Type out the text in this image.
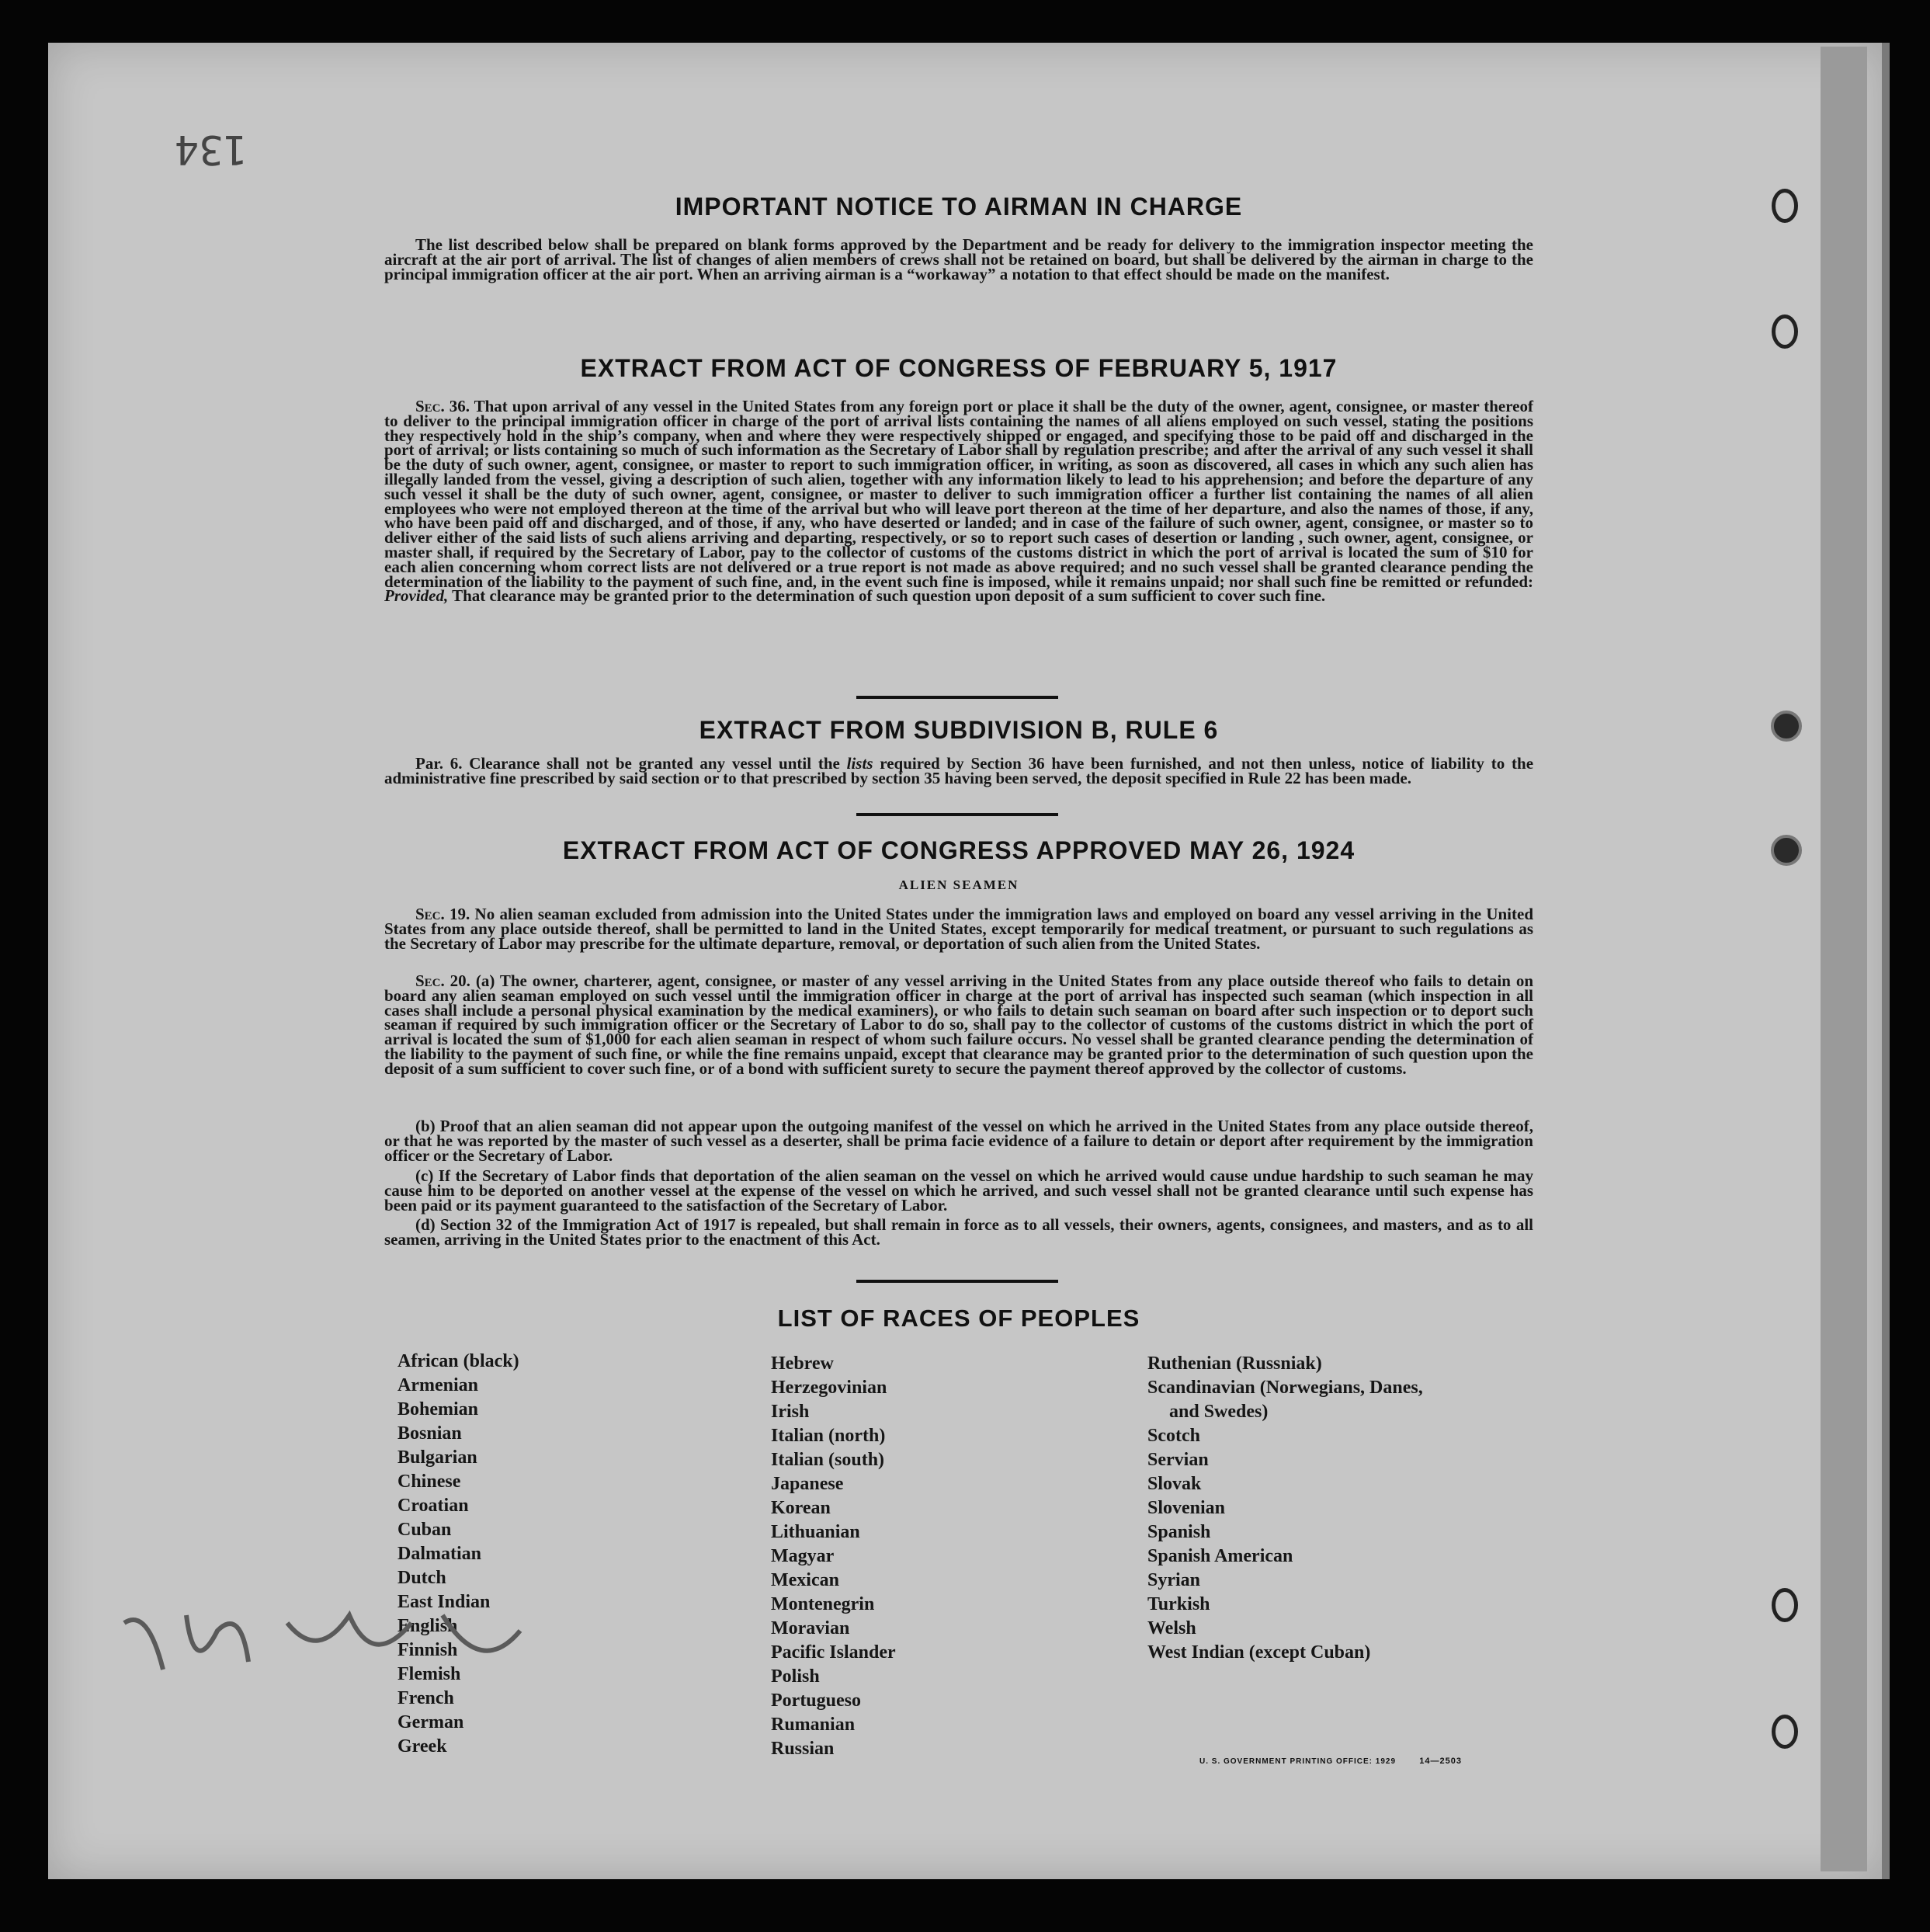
134
IMPORTANT NOTICE TO AIRMAN IN CHARGE

The list described below shall be prepared on blank forms approved by the Department and be ready for delivery to the immigration inspector meeting the aircraft at the air port of arrival. The list of changes of alien members of crews shall not be retained on board, but shall be delivered by the airman in charge to the principal immigration officer at the air port. When an arriving airman is a “workaway” a notation to that effect should be made on the manifest.

EXTRACT FROM ACT OF CONGRESS OF FEBRUARY 5, 1917

Sec. 36. That upon arrival of any vessel in the United States from any foreign port or place it shall be the duty of the owner, agent, consignee, or master thereof to deliver to the principal immigration officer in charge of the port of arrival lists containing the names of all aliens employed on such vessel, stating the positions they respectively hold in the ship’s company, when and where they were respectively shipped or engaged, and specifying those to be paid off and discharged in the port of arrival; or lists containing so much of such information as the Secretary of Labor shall by regulation prescribe; and after the arrival of any such vessel it shall be the duty of such owner, agent, consignee, or master to report to such immigration officer, in writing, as soon as discovered, all cases in which any such alien has illegally landed from the vessel, giving a description of such alien, together with any information likely to lead to his apprehension; and before the departure of any such vessel it shall be the duty of such owner, agent, consignee, or master to deliver to such immigration officer a further list containing the names of all alien employees who were not employed thereon at the time of the arrival but who will leave port thereon at the time of her departure, and also the names of those, if any, who have been paid off and discharged, and of those, if any, who have deserted or landed; and in case of the failure of such owner, agent, consignee, or master so to deliver either of the said lists of such aliens arriving and departing, respectively, or so to report such cases of desertion or landing , such owner, agent, consignee, or master shall, if required by the Secretary of Labor, pay to the collector of customs of the customs district in which the port of arrival is located the sum of $10 for each alien concerning whom correct lists are not delivered or a true report is not made as above required; and no such vessel shall be granted clearance pending the determination of the liability to the payment of such fine, and, in the event such fine is imposed, while it remains unpaid; nor shall such fine be remitted or refunded: Provided, That clearance may be granted prior to the determination of such question upon deposit of a sum sufficient to cover such fine.

EXTRACT FROM SUBDIVISION B, RULE 6

Par. 6. Clearance shall not be granted any vessel until the lists required by Section 36 have been furnished, and not then unless, notice of liability to the administrative fine prescribed by said section or to that prescribed by section 35 having been served, the deposit specified in Rule 22 has been made.

EXTRACT FROM ACT OF CONGRESS APPROVED MAY 26, 1924
ALIEN SEAMEN

Sec. 19. No alien seaman excluded from admission into the United States under the immigration laws and employed on board any vessel arriving in the United States from any place outside thereof, shall be permitted to land in the United States, except temporarily for medical treatment, or pursuant to such regulations as the Secretary of Labor may prescribe for the ultimate departure, removal, or deportation of such alien from the United States.

Sec. 20. (a) The owner, charterer, agent, consignee, or master of any vessel arriving in the United States from any place outside thereof who fails to detain on board any alien seaman employed on such vessel until the immigration officer in charge at the port of arrival has inspected such seaman (which inspection in all cases shall include a personal physical examination by the medical examiners), or who fails to detain such seaman on board after such inspection or to deport such seaman if required by such immigration officer or the Secretary of Labor to do so, shall pay to the collector of customs of the customs district in which the port of arrival is located the sum of $1,000 for each alien seaman in respect of whom such failure occurs. No vessel shall be granted clearance pending the determination of the liability to the payment of such fine, or while the fine remains unpaid, except that clearance may be granted prior to the determination of such question upon the deposit of a sum sufficient to cover such fine, or of a bond with sufficient surety to secure the payment thereof approved by the collector of customs.

(b) Proof that an alien seaman did not appear upon the outgoing manifest of the vessel on which he arrived in the United States from any place outside thereof, or that he was reported by the master of such vessel as a deserter, shall be prima facie evidence of a failure to detain or deport after requirement by the immigration officer or the Secretary of Labor.

(c) If the Secretary of Labor finds that deportation of the alien seaman on the vessel on which he arrived would cause undue hardship to such seaman he may cause him to be deported on another vessel at the expense of the vessel on which he arrived, and such vessel shall not be granted clearance until such expense has been paid or its payment guaranteed to the satisfaction of the Secretary of Labor.

(d) Section 32 of the Immigration Act of 1917 is repealed, but shall remain in force as to all vessels, their owners, agents, consignees, and masters, and as to all seamen, arriving in the United States prior to the enactment of this Act.

LIST OF RACES OF PEOPLES
African (black)
Armenian
Bohemian
Bosnian
Bulgarian
Chinese
Croatian
Cuban
Dalmatian
Dutch
East Indian
English
Finnish
Flemish
French
German
Greek
Hebrew
Herzegovinian
Irish
Italian (north)
Italian (south)
Japanese
Korean
Lithuanian
Magyar
Mexican
Montenegrin
Moravian
Pacific Islander
Polish
Portugueso
Rumanian
Russian
Ruthenian (Russniak)
Scandinavian (Norwegians, Danes,
and Swedes)
Scotch
Servian
Slovak
Slovenian
Spanish
Spanish American
Syrian
Turkish
Welsh
West Indian (except Cuban)
U. S. GOVERNMENT PRINTING OFFICE: 1929	14—2503
